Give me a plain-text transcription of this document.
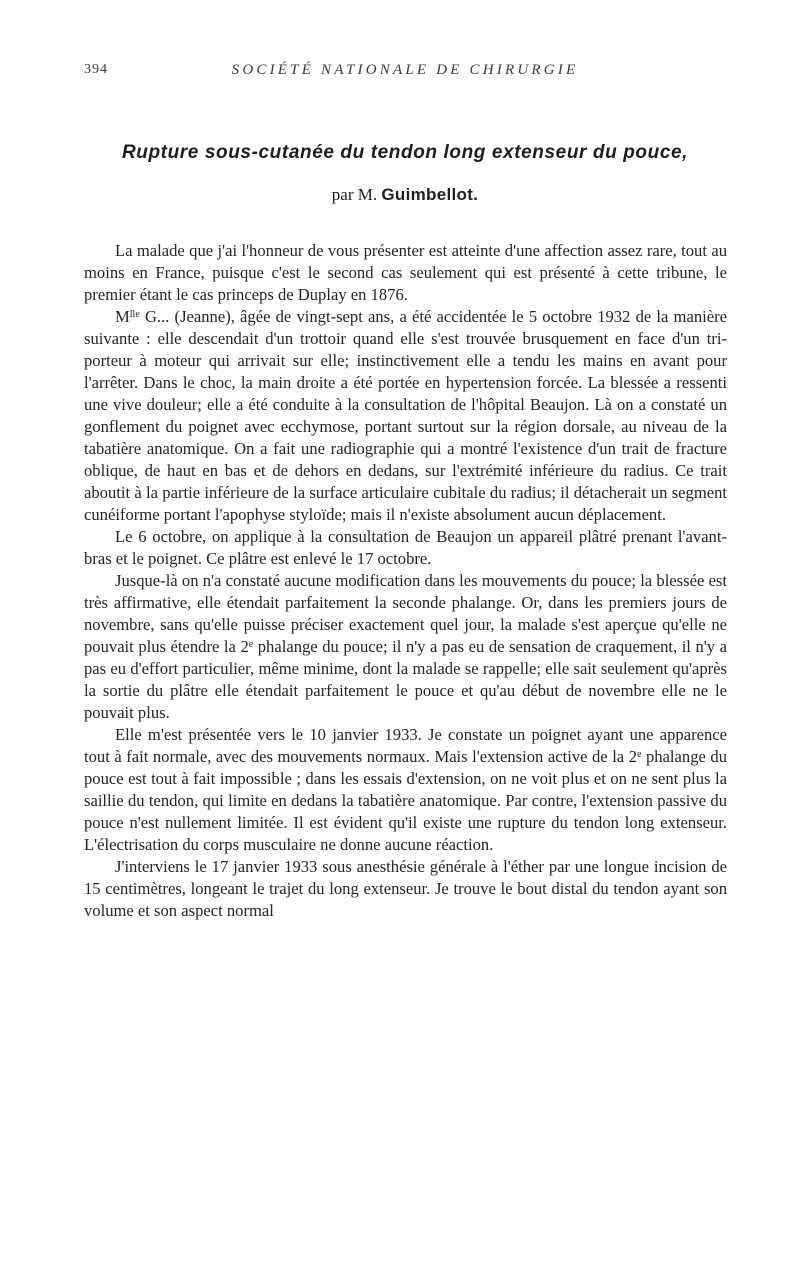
394	SOCIÉTÉ NATIONALE DE CHIRURGIE
Rupture sous-cutanée du tendon long extenseur du pouce,
par M. Guimbellot.

La malade que j'ai l'honneur de vous présenter est atteinte d'une affection assez rare, tout au moins en France, puisque c'est le second cas seulement qui est présenté à cette tribune, le premier étant le cas princeps de Duplay en 1876.

$M^{lle}$ G... (Jeanne), âgée de vingt-sept ans, a été accidentée le 5 octobre 1932 de la manière suivante : elle descendait d'un trottoir quand elle s'est trouvée brusquement en face d'un tri-porteur à moteur qui arrivait sur elle; instinctivement elle a tendu les mains en avant pour l'arrêter. Dans le choc, la main droite a été portée en hypertension forcée. La blessée a ressenti une vive douleur; elle a été conduite à la consultation de l'hôpital Beaujon. Là on a constaté un gonflement du poignet avec ecchymose, portant surtout sur la région dorsale, au niveau de la tabatière anatomique. On a fait une radiographie qui a montré l'existence d'un trait de fracture oblique, de haut en bas et de dehors en dedans, sur l'extrémité inférieure du radius. Ce trait aboutit à la partie inférieure de la surface articulaire cubitale du radius; il détacherait un segment cunéiforme portant l'apophyse styloïde; mais il n'existe absolument aucun déplacement.

Le 6 octobre, on applique à la consultation de Beaujon un appareil plâtré prenant l'avant-bras et le poignet. Ce plâtre est enlevé le 17 octobre.

Jusque-là on n'a constaté aucune modification dans les mouvements du pouce; la blessée est très affirmative, elle étendait parfaitement la seconde phalange. Or, dans les premiers jours de novembre, sans qu'elle puisse préciser exactement quel jour, la malade s'est aperçue qu'elle ne pouvait plus étendre la 2e phalange du pouce; il n'y a pas eu de sensation de craquement, il n'y a pas eu d'effort particulier, même minime, dont la malade se rappelle; elle sait seulement qu'après la sortie du plâtre elle étendait parfaitement le pouce et qu'au début de novembre elle ne le pouvait plus.

Elle m'est présentée vers le 10 janvier 1933. Je constate un poignet ayant une apparence tout à fait normale, avec des mouvements normaux. Mais l'extension active de la 2e phalange du pouce est tout à fait impossible ; dans les essais d'extension, on ne voit plus et on ne sent plus la saillie du tendon, qui limite en dedans la tabatière anatomique. Par contre, l'extension passive du pouce n'est nullement limitée. Il est évident qu'il existe une rupture du tendon long extenseur. L'électrisation du corps musculaire ne donne aucune réaction.

J'interviens le 17 janvier 1933 sous anesthésie générale à l'éther par une longue incision de 15 centimètres, longeant le trajet du long extenseur. Je trouve le bout distal du tendon ayant son volume et son aspect normal
